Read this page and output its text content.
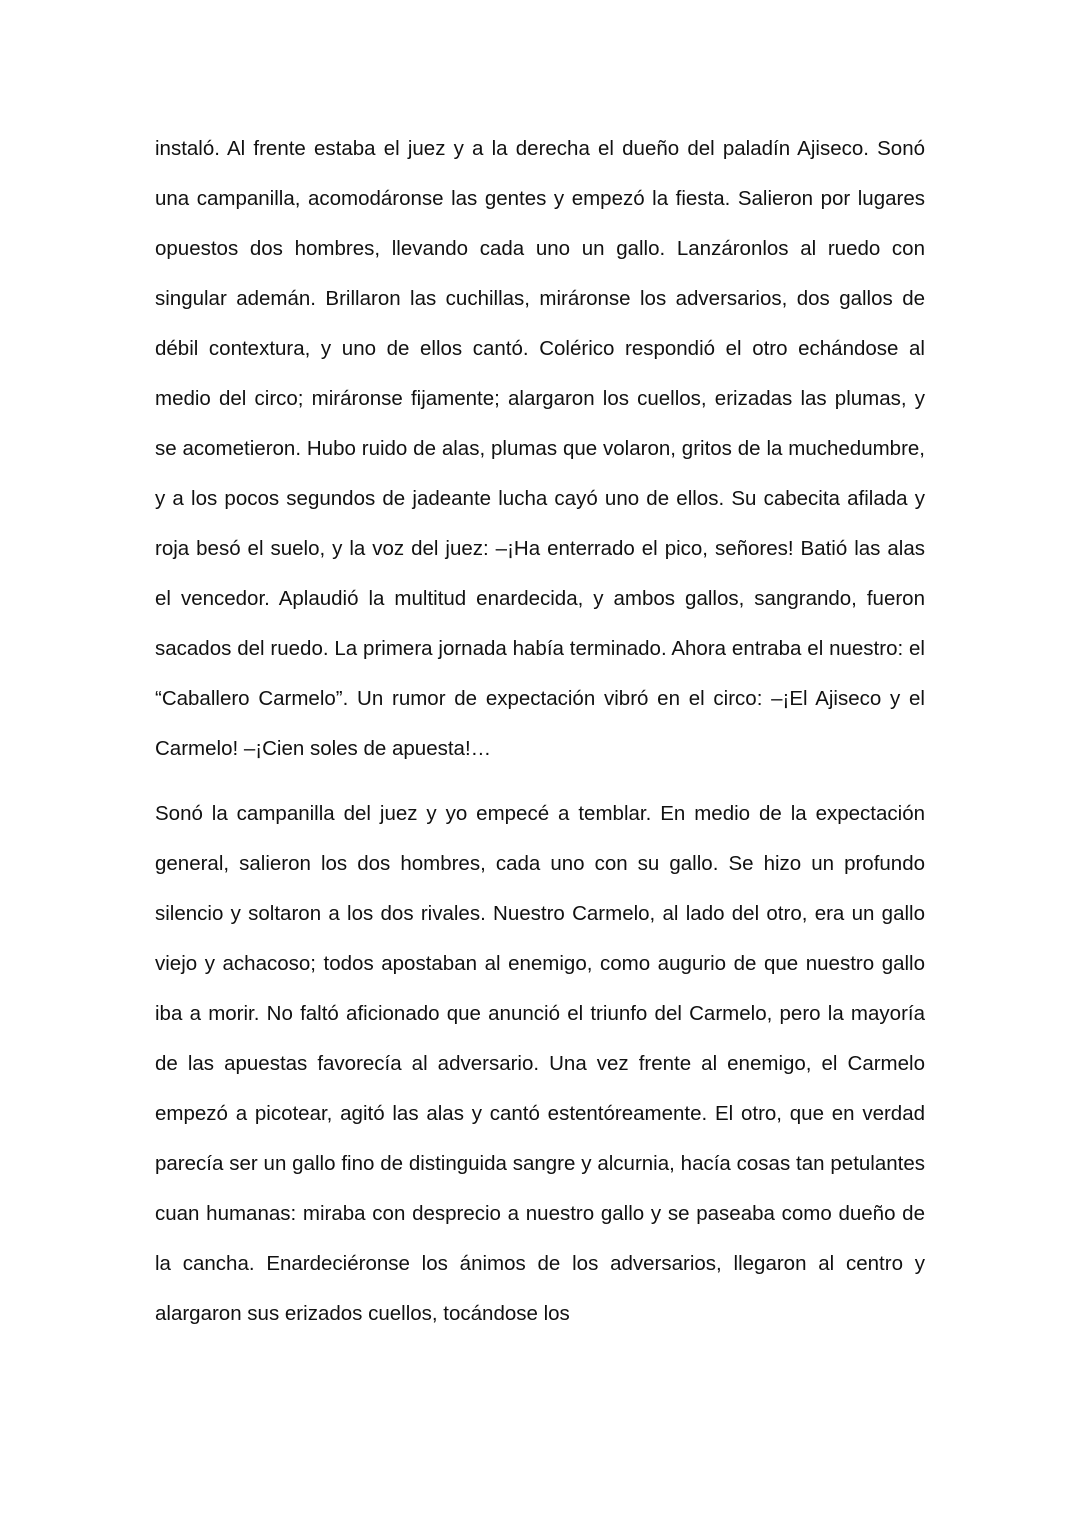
instaló. Al frente estaba el juez y a la derecha el dueño del paladín Ajiseco. Sonó una campanilla, acomodáronse las gentes y empezó la fiesta. Salieron por lugares opuestos dos hombres, llevando cada uno un gallo. Lanzáronlos al ruedo con singular ademán. Brillaron las cuchillas, miráronse los adversarios, dos gallos de débil contextura, y uno de ellos cantó. Colérico respondió el otro echándose al medio del circo; miráronse fijamente; alargaron los cuellos, erizadas las plumas, y se acometieron. Hubo ruido de alas, plumas que volaron, gritos de la muchedumbre, y a los pocos segundos de jadeante lucha cayó uno de ellos. Su cabecita afilada y roja besó el suelo, y la voz del juez: –¡Ha enterrado el pico, señores! Batió las alas el vencedor. Aplaudió la multitud enardecida, y ambos gallos, sangrando, fueron sacados del ruedo. La primera jornada había terminado. Ahora entraba el nuestro: el “Caballero Carmelo”. Un rumor de expectación vibró en el circo: –¡El Ajiseco y el Carmelo! –¡Cien soles de apuesta!…

Sonó la campanilla del juez y yo empecé a temblar. En medio de la expectación general, salieron los dos hombres, cada uno con su gallo. Se hizo un profundo silencio y soltaron a los dos rivales. Nuestro Carmelo, al lado del otro, era un gallo viejo y achacoso; todos apostaban al enemigo, como augurio de que nuestro gallo iba a morir. No faltó aficionado que anunció el triunfo del Carmelo, pero la mayoría de las apuestas favorecía al adversario. Una vez frente al enemigo, el Carmelo empezó a picotear, agitó las alas y cantó estentóreamente. El otro, que en verdad parecía ser un gallo fino de distinguida sangre y alcurnia, hacía cosas tan petulantes cuan humanas: miraba con desprecio a nuestro gallo y se paseaba como dueño de la cancha. Enardeciéronse los ánimos de los adversarios, llegaron al centro y alargaron sus erizados cuellos, tocándose los
